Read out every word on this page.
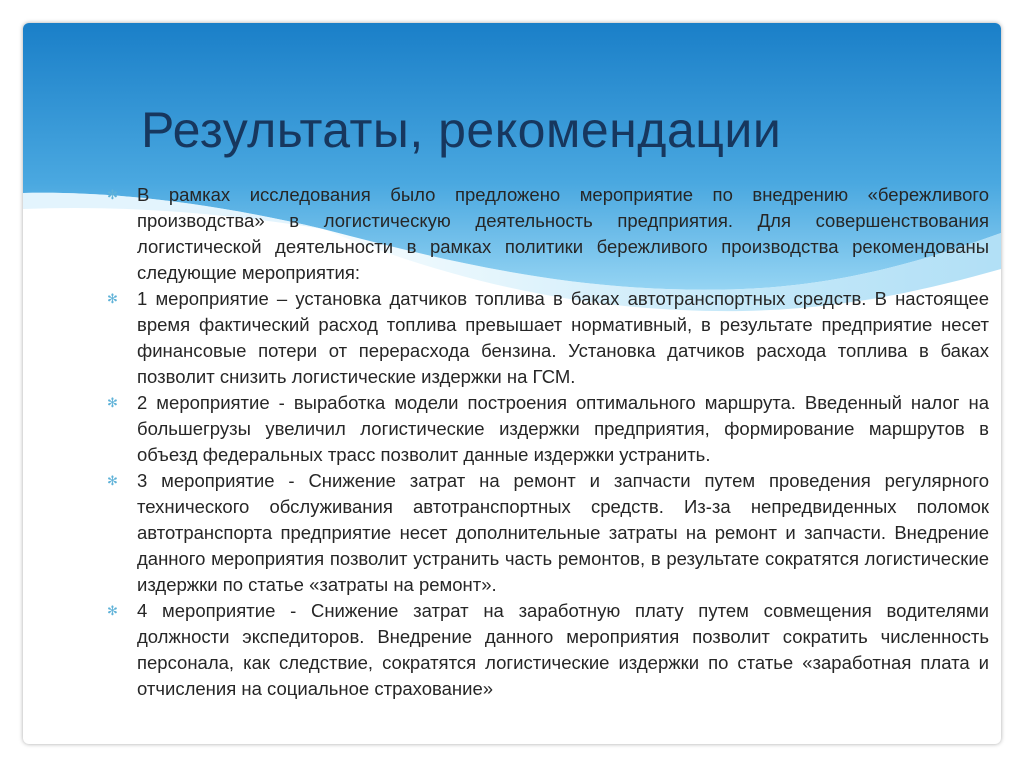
Результаты, рекомендации
✻ В рамках исследования было предложено мероприятие по внедрению «бережливого производства» в логистическую деятельность предприятия. Для совершенствования логистической деятельности в рамках политики бережливого производства рекомендованы следующие мероприятия:
✻ 1 мероприятие – установка датчиков топлива в баках автотранспортных средств. В настоящее время фактический расход топлива превышает нормативный, в результате предприятие несет финансовые потери от перерасхода бензина. Установка датчиков расхода топлива в баках позволит снизить логистические издержки на ГСМ.
✻ 2 мероприятие - выработка модели построения оптимального маршрута. Введенный налог на большегрузы увеличил логистические издержки предприятия, формирование маршрутов в объезд федеральных трасс позволит данные издержки устранить.
✻ 3 мероприятие - Снижение затрат на ремонт и запчасти путем проведения регулярного технического обслуживания автотранспортных средств. Из-за непредвиденных поломок автотранспорта предприятие несет дополнительные затраты на ремонт и запчасти. Внедрение данного мероприятия позволит устранить часть ремонтов, в результате сократятся логистические издержки по статье «затраты на ремонт».
✻ 4 мероприятие - Снижение затрат на заработную плату путем совмещения водителями должности экспедиторов. Внедрение данного мероприятия позволит сократить численность персонала, как следствие, сократятся логистические издержки по статье «заработная плата и отчисления на социальное страхование»
